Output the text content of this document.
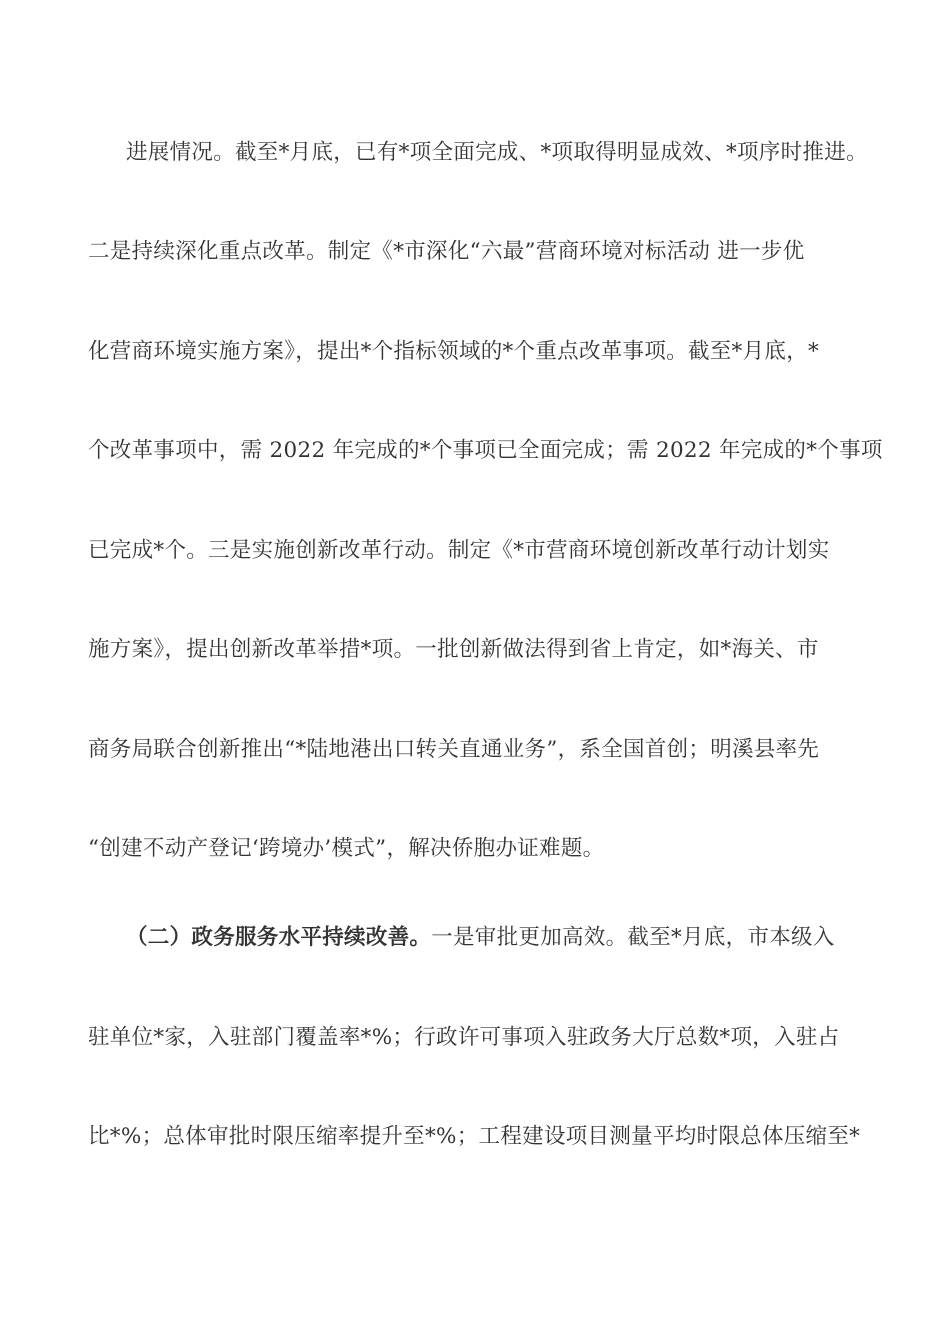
进展情况。截至*月底，已有*项全面完成、*项取得明显成效、*项序时推进。
二是持续深化重点改革。制定《*市深化“六最”营商环境对标活动 进一步优
化营商环境实施方案》，提出*个指标领域的*个重点改革事项。截至*月底，*
个改革事项中，需 2022 年完成的*个事项已全面完成；需 2022 年完成的*个事项
已完成*个。三是实施创新改革行动。制定《*市营商环境创新改革行动计划实
施方案》，提出创新改革举措*项。一批创新做法得到省上肯定，如*海关、市
商务局联合创新推出“*陆地港出口转关直通业务”，系全国首创；明溪县率先
“创建不动产登记‘跨境办’模式”，解决侨胞办证难题。
（二）政务服务水平持续改善。一是审批更加高效。截至*月底，市本级入
驻单位*家，入驻部门覆盖率*%；行政许可事项入驻政务大厅总数*项，入驻占
比*%；总体审批时限压缩率提升至*%；工程建设项目测量平均时限总体压缩至*
